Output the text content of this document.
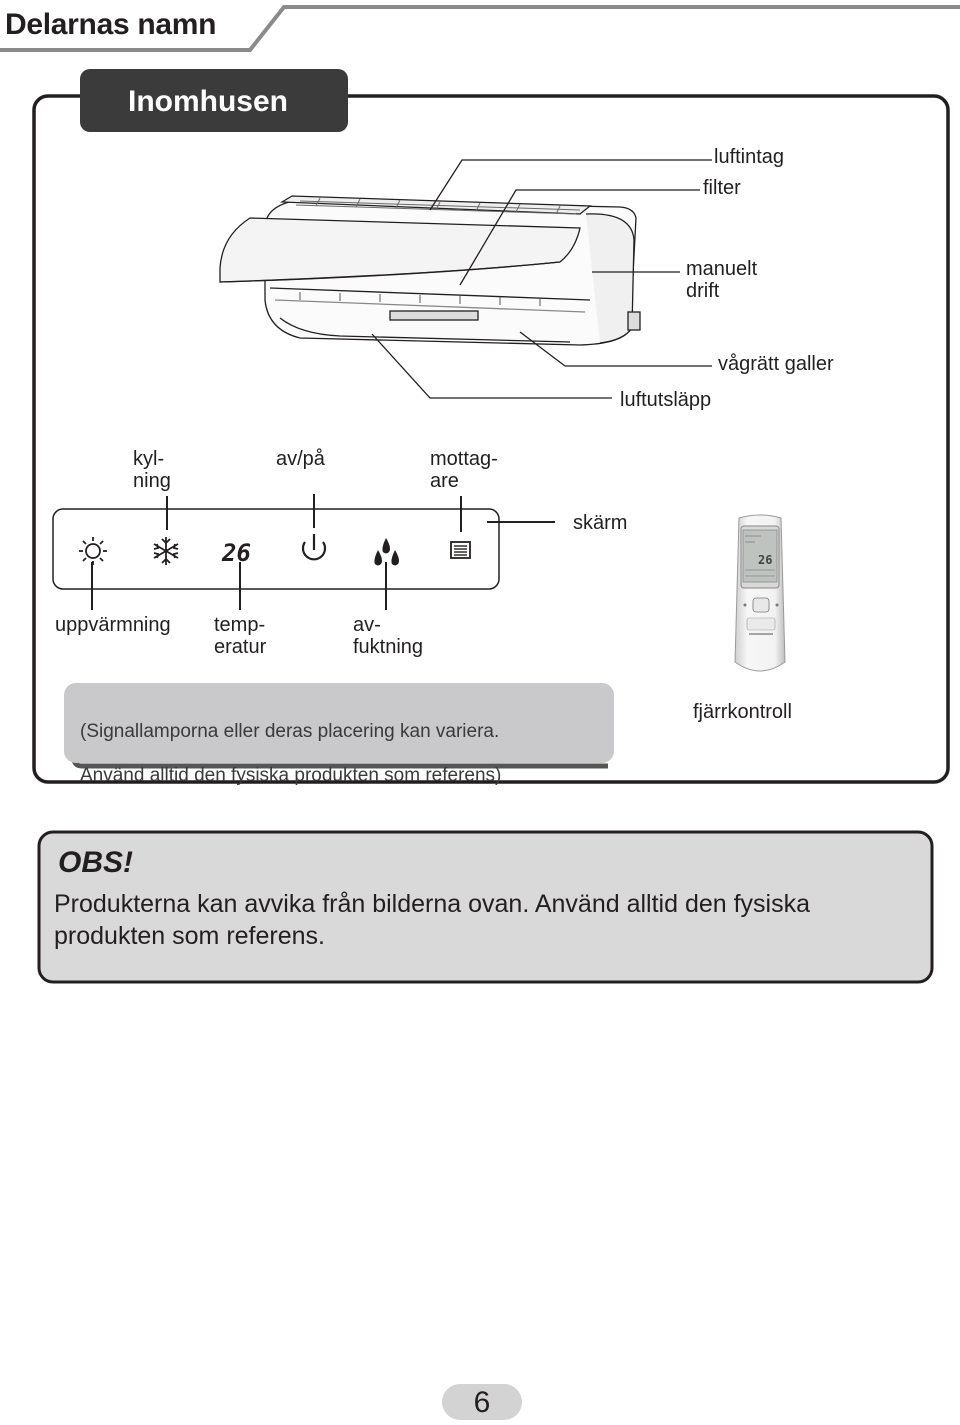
Delarnas namn
Inomhusen
luftintag
filter
manuelt
drift
vågrätt galler
luftutsläpp
kyl-
ning
av/på	mottag-
are
skärm
26
uppvärmning temp-
eratur
av-
fuktning
26
fjärrkontroll

(Signallamporna eller deras placering kan variera.

Använd alltid den fysiska produkten som referens)

OBS!
Produkterna kan avvika från bilderna ovan. Använd alltid den fysiska produkten som referens.
6
